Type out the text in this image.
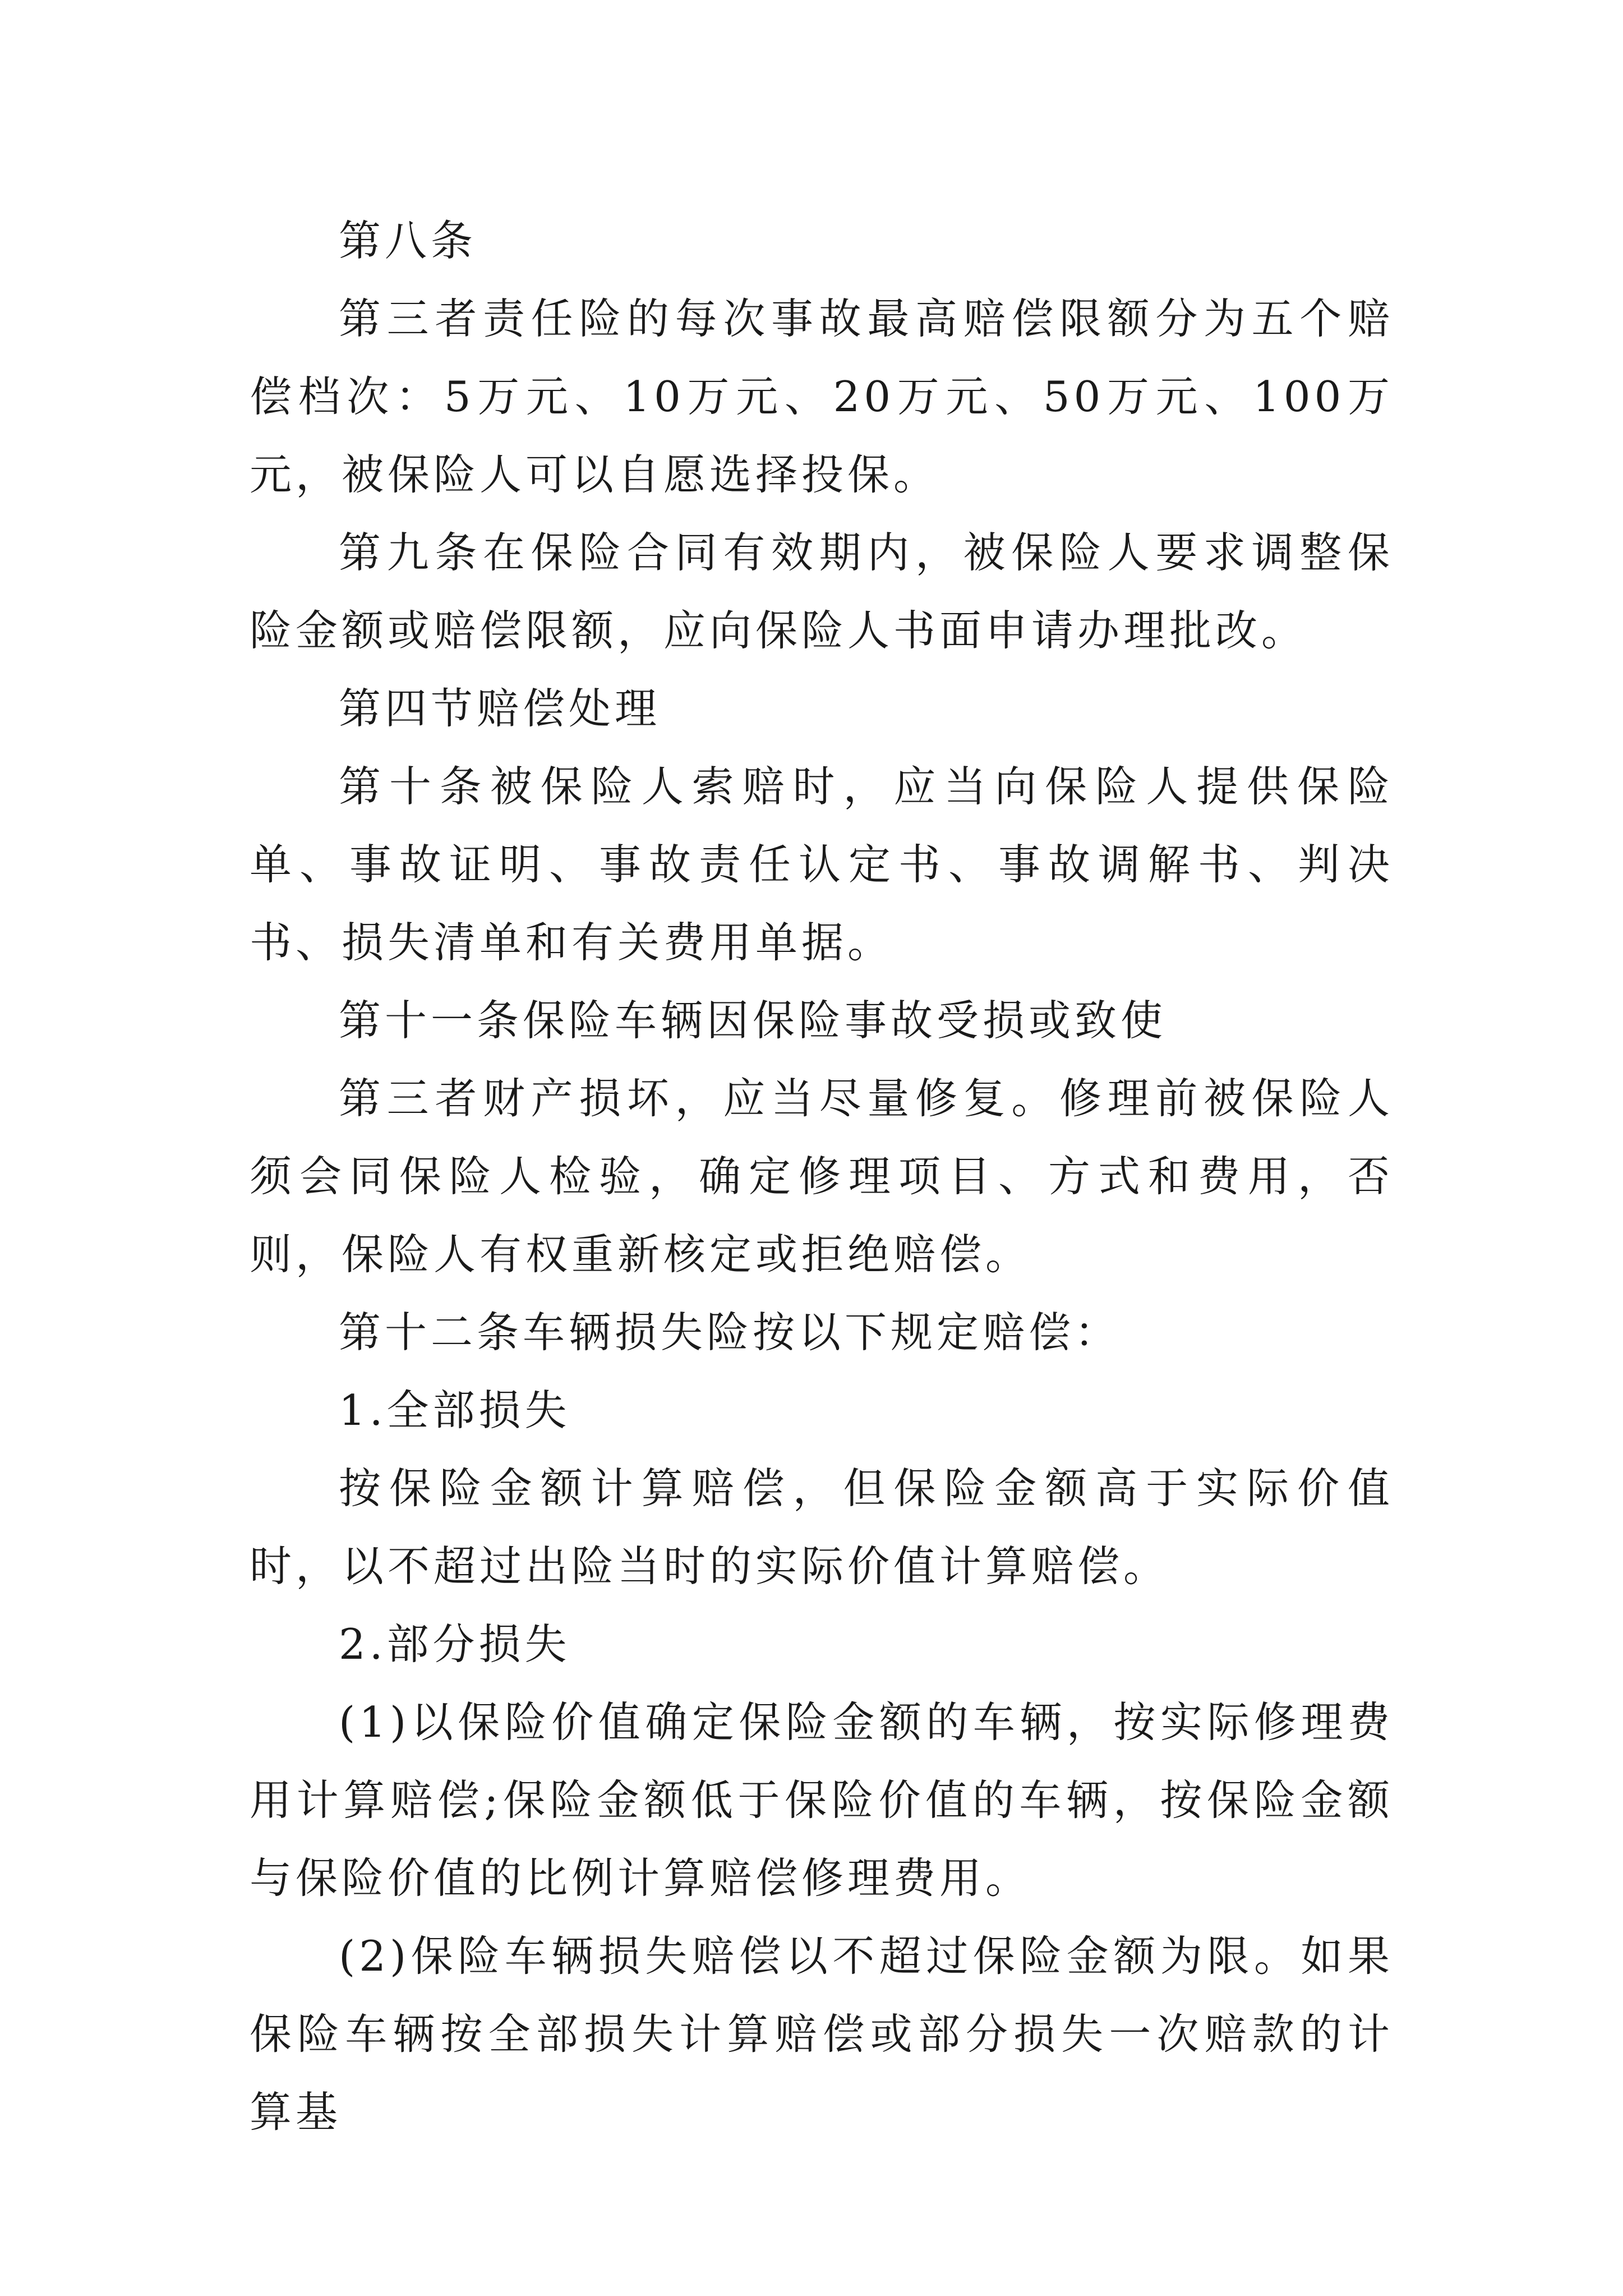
第八条

第三者责任险的每次事故最高赔偿限额分为五个赔偿档次：5万元、10万元、20万元、50万元、100万元，被保险人可以自愿选择投保。

第九条在保险合同有效期内，被保险人要求调整保险金额或赔偿限额，应向保险人书面申请办理批改。

第四节赔偿处理

第十条被保险人索赔时，应当向保险人提供保险单、事故证明、事故责任认定书、事故调解书、判决书、损失清单和有关费用单据。

第十一条保险车辆因保险事故受损或致使

第三者财产损坏，应当尽量修复。修理前被保险人须会同保险人检验，确定修理项目、方式和费用，否则，保险人有权重新核定或拒绝赔偿。

第十二条车辆损失险按以下规定赔偿：

1.全部损失

按保险金额计算赔偿，但保险金额高于实际价值时，以不超过出险当时的实际价值计算赔偿。

2.部分损失

(1)以保险价值确定保险金额的车辆，按实际修理费用计算赔偿;保险金额低于保险价值的车辆，按保险金额与保险价值的比例计算赔偿修理费用。

(2)保险车辆损失赔偿以不超过保险金额为限。如果保险车辆按全部损失计算赔偿或部分损失一次赔款的计算基
